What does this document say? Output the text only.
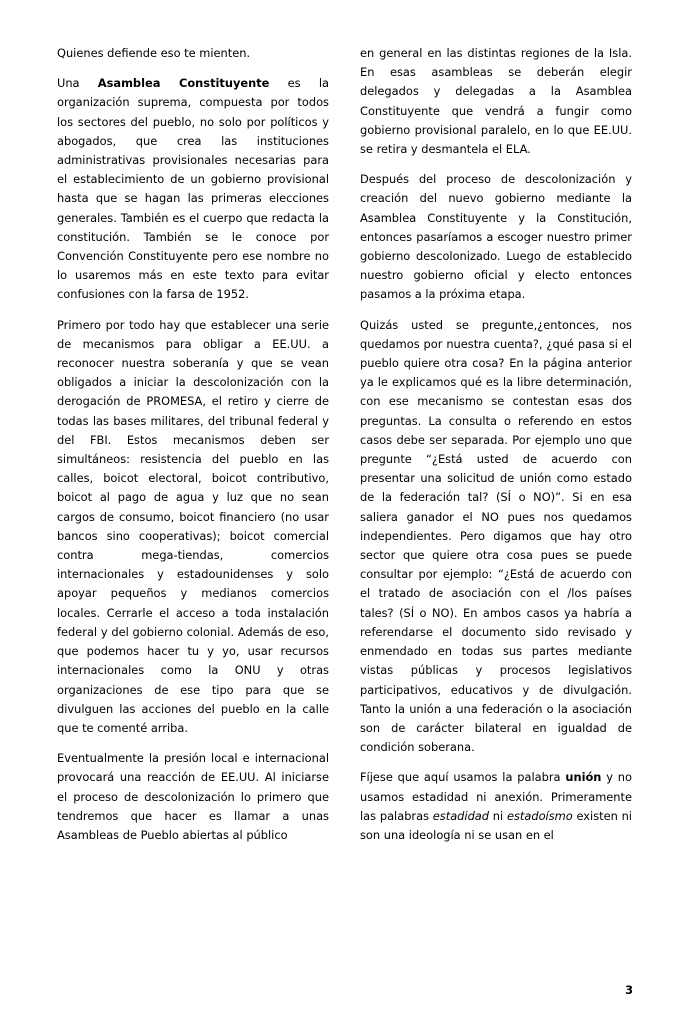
Quienes defiende eso te mienten.

Una Asamblea Constituyente es la organización suprema, compuesta por todos los sectores del pueblo, no solo por políticos y abogados, que crea las instituciones administrativas provisionales necesarias para el establecimiento de un gobierno provisional hasta que se hagan las primeras elecciones generales. También es el cuerpo que redacta la constitución. También se le conoce por Convención Constituyente pero ese nombre no lo usaremos más en este texto para evitar confusiones con la farsa de 1952.

Primero por todo hay que establecer una serie de mecanismos para obligar a EE.UU. a reconocer nuestra soberanía y que se vean obligados a iniciar la descolonización con la derogación de PROMESA, el retiro y cierre de todas las bases militares, del tribunal federal y del FBI. Estos mecanismos deben ser simultáneos: resistencia del pueblo en las calles, boicot electoral, boicot contributivo, boicot al pago de agua y luz que no sean cargos de consumo, boicot financiero (no usar bancos sino cooperativas); boicot comercial contra mega-tiendas, comercios internacionales y estadounidenses y solo apoyar pequeños y medianos comercios locales. Cerrarle el acceso a toda instalación federal y del gobierno colonial. Además de eso, que podemos hacer tu y yo, usar recursos internacionales como la ONU y otras organizaciones de ese tipo para que se divulguen las acciones del pueblo en la calle que te comenté arriba.

Eventualmente la presión local e internacional provocará una reacción de EE.UU. Al iniciarse el proceso de descolonización lo primero que tendremos que hacer es llamar a unas Asambleas de Pueblo abiertas al público

en general en las distintas regiones de la Isla. En esas asambleas se deberán elegir delegados y delegadas a la Asamblea Constituyente que vendrá a fungir como gobierno provisional paralelo, en lo que EE.UU. se retira y desmantela el ELA.

Después del proceso de descolonización y creación del nuevo gobierno mediante la Asamblea Constituyente y la Constitución, entonces pasaríamos a escoger nuestro primer gobierno descolonizado. Luego de establecido nuestro gobierno oficial y electo entonces pasamos a la próxima etapa.

Quizás usted se pregunte,¿entonces, nos quedamos por nuestra cuenta?, ¿qué pasa si el pueblo quiere otra cosa? En la página anterior ya le explicamos qué es la libre determinación, con ese mecanismo se contestan esas dos preguntas. La consulta o referendo en estos casos debe ser separada. Por ejemplo uno que pregunte “¿Está usted de acuerdo con presentar una solicitud de unión como estado de la federación tal? (SÍ o NO)”. Si en esa saliera ganador el NO pues nos quedamos independientes. Pero digamos que hay otro sector que quiere otra cosa pues se puede consultar por ejemplo: “¿Está de acuerdo con el tratado de asociación con el /los países tales? (SÍ o NO). En ambos casos ya habría a referendarse el documento sido revisado y enmendado en todas sus partes mediante vistas públicas y procesos legislativos participativos, educativos y de divulgación. Tanto la unión a una federación o la asociación son de carácter bilateral en igualdad de condición soberana.

Fíjese que aquí usamos la palabra unión y no usamos estadidad ni anexión. Primeramente las palabras estadidad ni estadoísmo existen ni son una ideología ni se usan en el

3
